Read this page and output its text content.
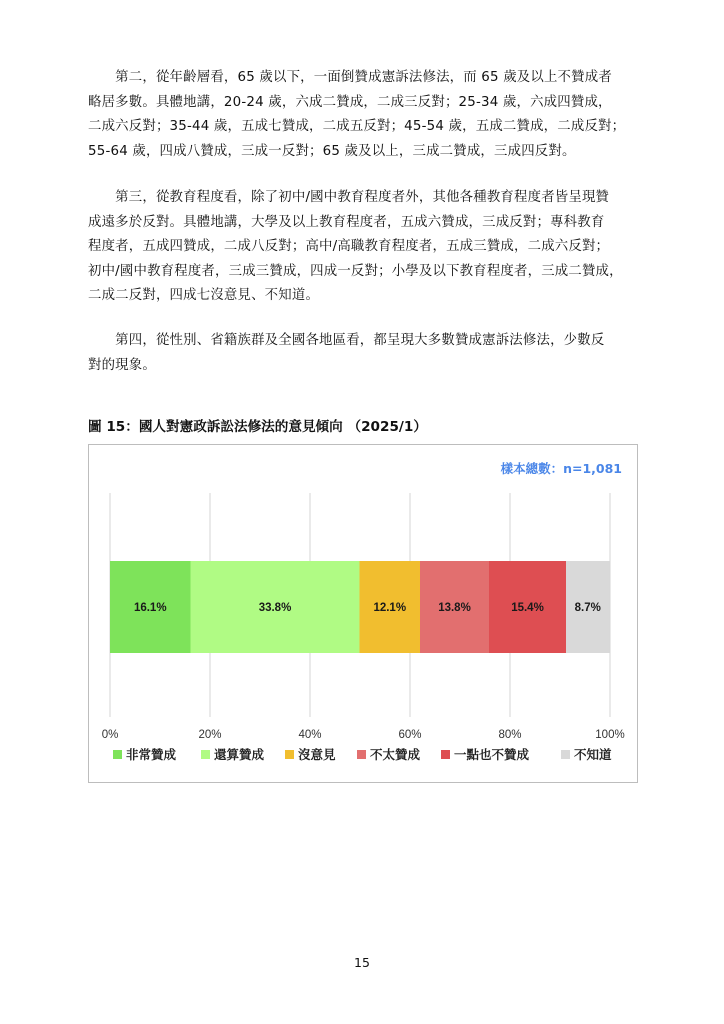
　　第二，從年齡層看，65 歲以下，一面倒贊成憲訴法修法，而 65 歲及以上不贊成者
略居多數。具體地講，20-24 歲，六成二贊成，二成三反對；25-34 歲，六成四贊成，
二成六反對；35-44 歲，五成七贊成，二成五反對；45-54 歲，五成二贊成，二成反對；
55-64 歲，四成八贊成，三成一反對；65 歲及以上，三成二贊成，三成四反對。
　　第三，從教育程度看，除了初中/國中教育程度者外，其他各種教育程度者皆呈現贊
成遠多於反對。具體地講，大學及以上教育程度者，五成六贊成，三成反對；專科教育
程度者，五成四贊成，二成八反對；高中/高職教育程度者，五成三贊成，二成六反對；
初中/國中教育程度者，三成三贊成，四成一反對；小學及以下教育程度者，三成二贊成，
二成二反對，四成七沒意見、不知道。
　　第四，從性別、省籍族群及全國各地區看，都呈現大多數贊成憲訴法修法，少數反
對的現象。
圖 15：國人對憲政訴訟法修法的意見傾向 （2025/1）
樣本總數：n=1,081
0%	20%	40%	60%	80%	100%
16.1%	33.8%	12.1%	13.8%	15.4%	8.7%
非常贊成	還算贊成	沒意見	不太贊成	一點也不贊成	不知道
15
